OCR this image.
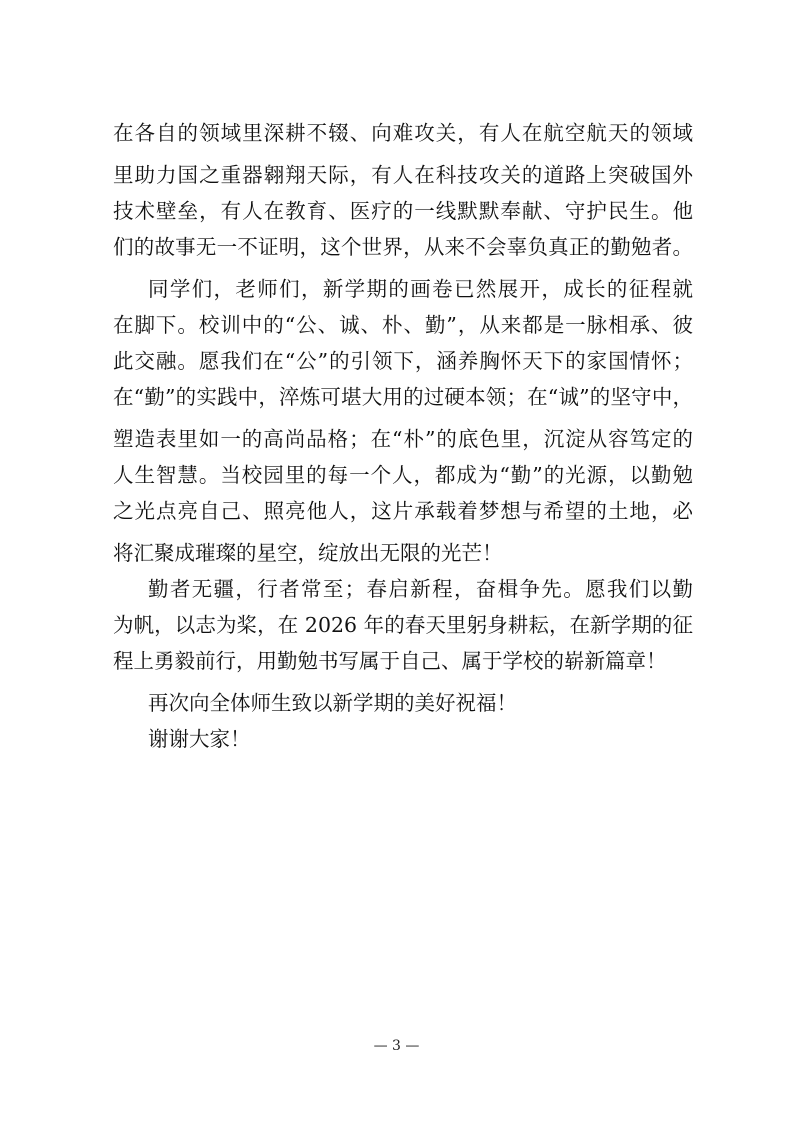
在各自的领域里深耕不辍、向难攻关，有人在航空航天的领域
里助力国之重器翱翔天际，有人在科技攻关的道路上突破国外
技术壁垒，有人在教育、医疗的一线默默奉献、守护民生。他
们的故事无一不证明，这个世界，从来不会辜负真正的勤勉者。
同学们，老师们，新学期的画卷已然展开，成长的征程就
在脚下。校训中的“公、诚、朴、勤”，从来都是一脉相承、彼
此交融。愿我们在“公”的引领下，涵养胸怀天下的家国情怀；
在“勤”的实践中，淬炼可堪大用的过硬本领；在“诚”的坚守中，
塑造表里如一的高尚品格；在“朴”的底色里，沉淀从容笃定的
人生智慧。当校园里的每一个人，都成为“勤”的光源，以勤勉
之光点亮自己、照亮他人，这片承载着梦想与希望的土地，必
将汇聚成璀璨的星空，绽放出无限的光芒！
勤者无疆，行者常至；春启新程，奋楫争先。愿我们以勤
为帆，以志为桨，在 2026 年的春天里躬身耕耘，在新学期的征
程上勇毅前行，用勤勉书写属于自己、属于学校的崭新篇章！
再次向全体师生致以新学期的美好祝福！
谢谢大家！
— 3 —
